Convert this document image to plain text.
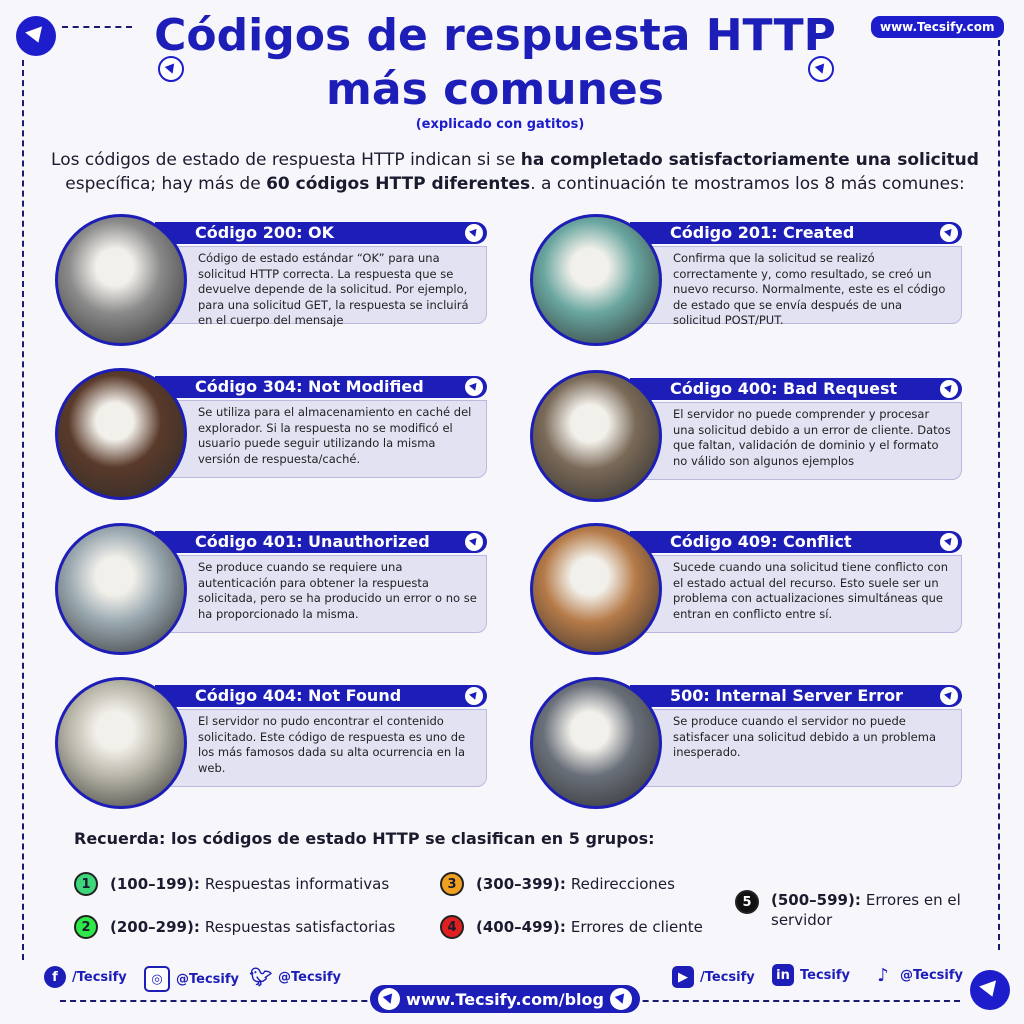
Códigos de respuesta HTTP
más comunes
(explicado con gatitos)
www.Tecsify.com
Los códigos de estado de respuesta HTTP indican si se ha completado satisfactoriamente una solicitud específica; hay más de 60 códigos HTTP diferentes. a continuación te mostramos los 8 más comunes:
Código 200: OK
Código de estado estándar “OK” para una solicitud HTTP correcta. La respuesta que se devuelve depende de la solicitud. Por ejemplo, para una solicitud GET, la respuesta se incluirá en el cuerpo del mensaje
Código 201: Created
Confirma que la solicitud se realizó correctamente y, como resultado, se creó un nuevo recurso. Normalmente, este es el código de estado que se envía después de una solicitud POST/PUT.
Código 304: Not Modified
Se utiliza para el almacenamiento en caché del explorador. Si la respuesta no se modificó el usuario puede seguir utilizando la misma versión de respuesta/caché.
Código 400: Bad Request
El servidor no puede comprender y procesar una solicitud debido a un error de cliente. Datos que faltan, validación de dominio y el formato no válido son algunos ejemplos
Código 401: Unauthorized
Se produce cuando se requiere una autenticación para obtener la respuesta solicitada, pero se ha producido un error o no se ha proporcionado la misma.
Código 409: Conflict
Sucede cuando una solicitud tiene conflicto con el estado actual del recurso. Esto suele ser un problema con actualizaciones simultáneas que entran en conflicto entre sí.
Código 404: Not Found
El servidor no pudo encontrar el contenido solicitado. Este código de respuesta es uno de los más famosos dada su alta ocurrencia en la web.
500: Internal Server Error
Se produce cuando el servidor no puede satisfacer una solicitud debido a un problema inesperado.
Recuerda: los códigos de estado HTTP se clasifican en 5 grupos:
1	(100–199): Respuestas informativas
2	(200–299): Respuestas satisfactorias
3	(300–399): Redirecciones
4	(400–499): Errores de cliente
5	(500–599): Errores en el servidor
f	/Tecsify	◎	@Tecsify 🐦︎ @Tecsify	▶ /Tecsify	in Tecsify ♪ @Tecsify
www.Tecsify.com/blog
